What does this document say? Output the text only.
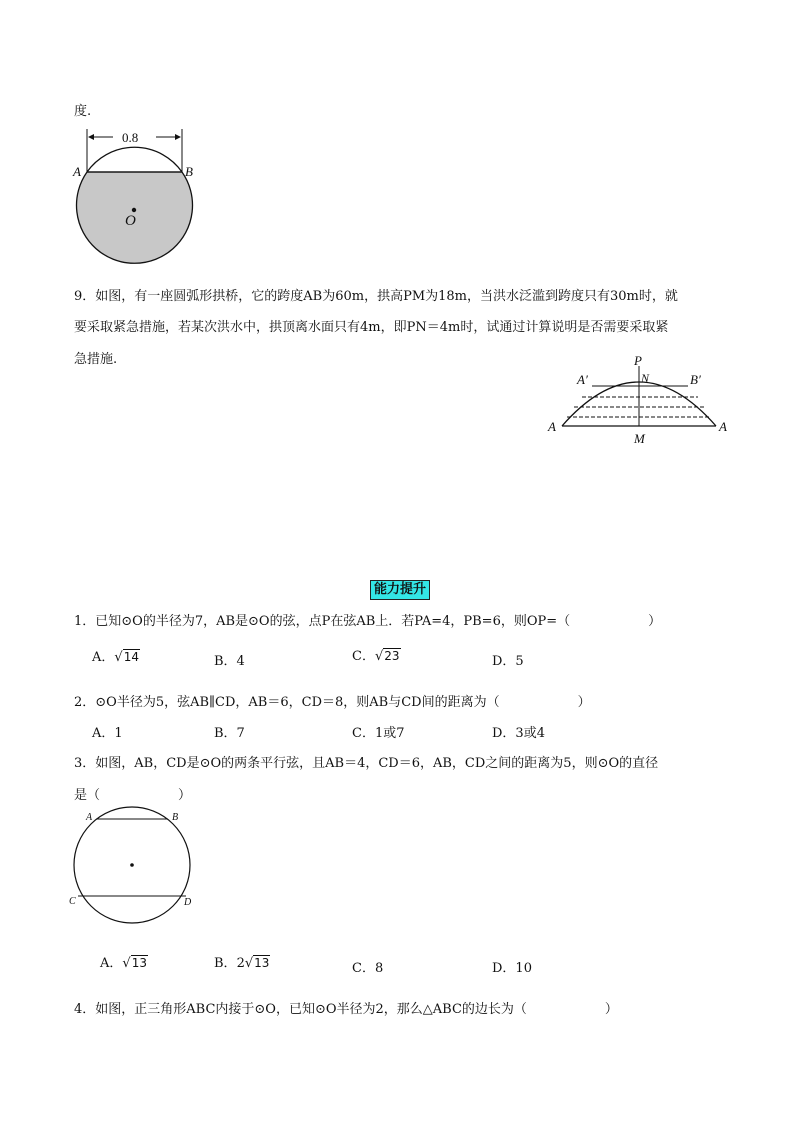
度.
0.8
A	B
O
9．如图，有一座圆弧形拱桥，它的跨度AB为60m，拱高PM为18m，当洪水泛滥到跨度只有30m时，就
要采取紧急措施，若某次洪水中，拱顶离水面只有4m，即PN＝4m时，试通过计算说明是否需要采取紧
急措施.	P
N
A′	B′
A	A
M
能力提升
1．已知⊙O的半径为7，AB是⊙O的弦，点P在弦AB上．若PA=4，PB=6，则OP=（　　　　　　）
A．√14	B．4	C．√23	D．5
2．⊙O半径为5，弦AB∥CD，AB＝6，CD＝8，则AB与CD间的距离为（　　　　　　）
A．1	B．7	C．1或7	D．3或4
3．如图，AB，CD是⊙O的两条平行弦，且AB＝4，CD＝6，AB，CD之间的距离为5，则⊙O的直径
是（　　　　　　）
A	B
C	D
A．√13	B．2√13	C．8	D．10
4．如图，正三角形ABC内接于⊙O，已知⊙O半径为2，那么△ABC的边长为（　　　　　　）
